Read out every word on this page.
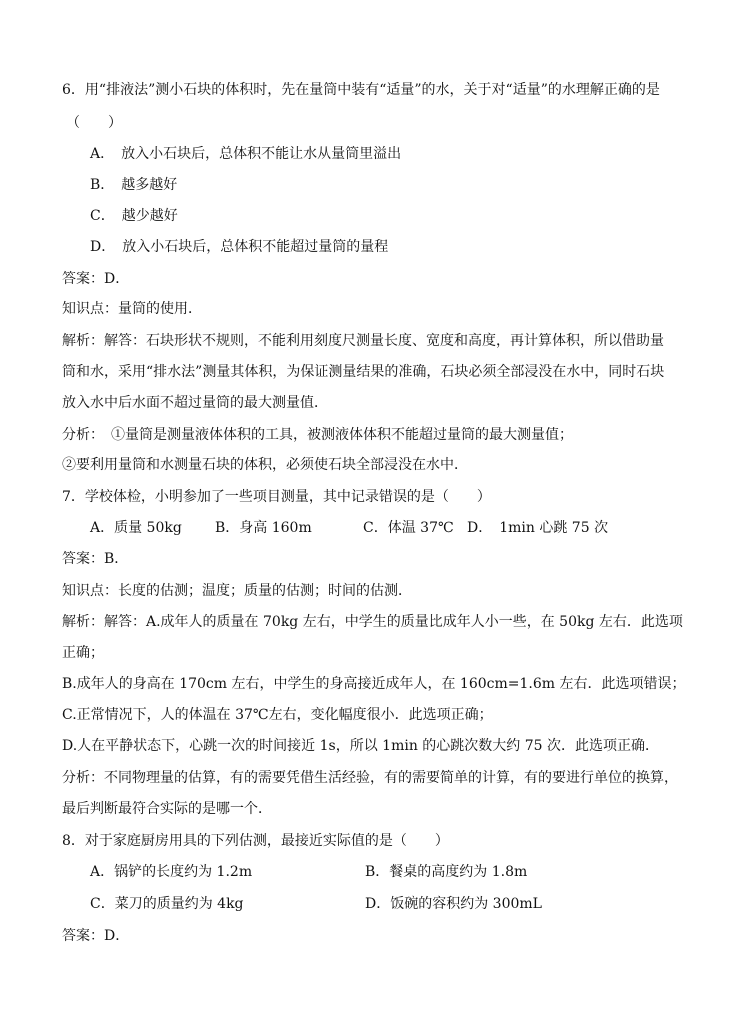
6．用“排液法”测小石块的体积时，先在量筒中装有“适量”的水，关于对“适量”的水理解正确的是
（　　）
A．　放入小石块后，总体积不能让水从量筒里溢出
B．　越多越好
C．　越少越好
D．　放入小石块后，总体积不能超过量筒的量程
答案：D．
知识点：量筒的使用．
解析：解答：石块形状不规则，不能利用刻度尺测量长度、宽度和高度，再计算体积，所以借助量
筒和水，采用“排水法”测量其体积，为保证测量结果的准确，石块必须全部浸没在水中，同时石块
放入水中后水面不超过量筒的最大测量值．
分析：　①量筒是测量液体体积的工具，被测液体体积不能超过量筒的最大测量值；
②要利用量筒和水测量石块的体积，必须使石块全部浸没在水中．
7．学校体检，小明参加了一些项目测量，其中记录错误的是（　　）
A．质量 50kg B．身高 160m	C．体温 37℃ D．　1min 心跳 75 次
答案：B．
知识点：长度的估测；温度；质量的估测；时间的估测．
解析：解答：A.成年人的质量在 70kg 左右，中学生的质量比成年人小一些，在 50kg 左右．此选项
正确；
B.成年人的身高在 170cm 左右，中学生的身高接近成年人，在 160cm=1.6m 左右．此选项错误；
C.正常情况下，人的体温在 37℃左右，变化幅度很小．此选项正确；
D.人在平静状态下，心跳一次的时间接近 1s，所以 1min 的心跳次数大约 75 次．此选项正确．
分析：不同物理量的估算，有的需要凭借生活经验，有的需要简单的计算，有的要进行单位的换算，
最后判断最符合实际的是哪一个．
8．对于家庭厨房用具的下列估测，最接近实际值的是（　　）
A．锅铲的长度约为 1.2m	B．餐桌的高度约为 1.8m
C．菜刀的质量约为 4kg	D．饭碗的容积约为 300mL
答案：D．
